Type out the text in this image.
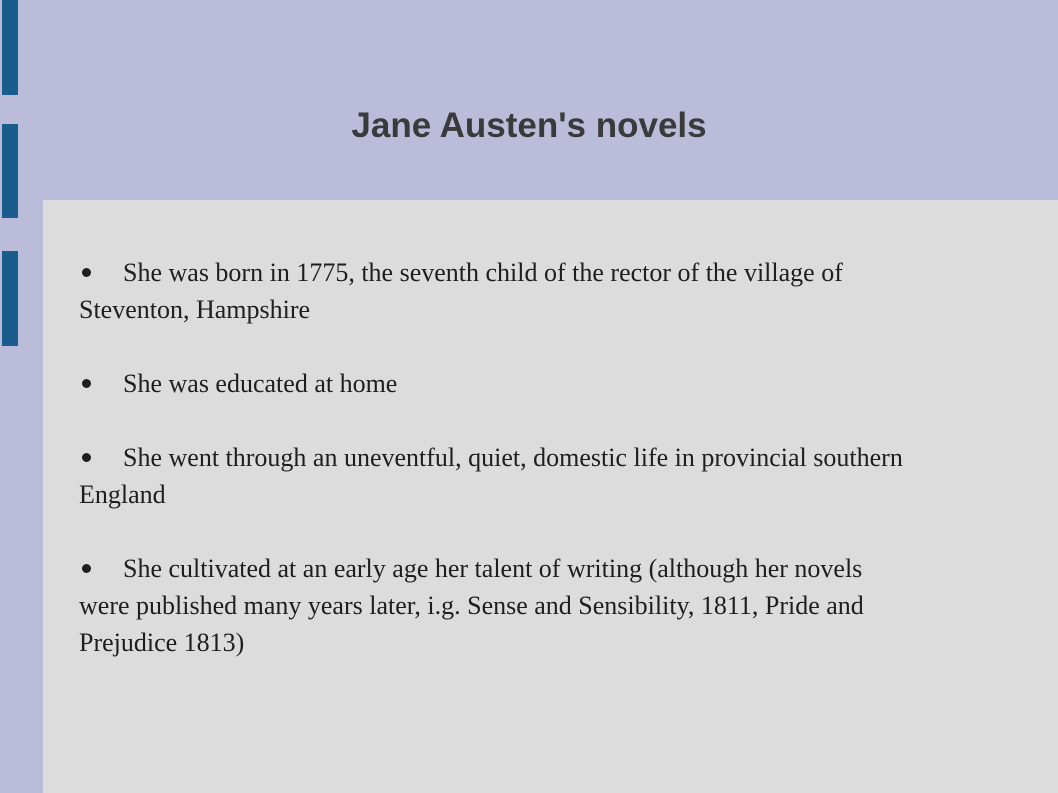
Jane Austen's novels
She was born in 1775, the seventh child of the rector of the village of Steventon, Hampshire
She was educated at home
She went through an uneventful, quiet, domestic life in provincial southern England
She cultivated at an early age her talent of writing (although her novels were published many years later, i.g. Sense and Sensibility, 1811, Pride and Prejudice 1813)
